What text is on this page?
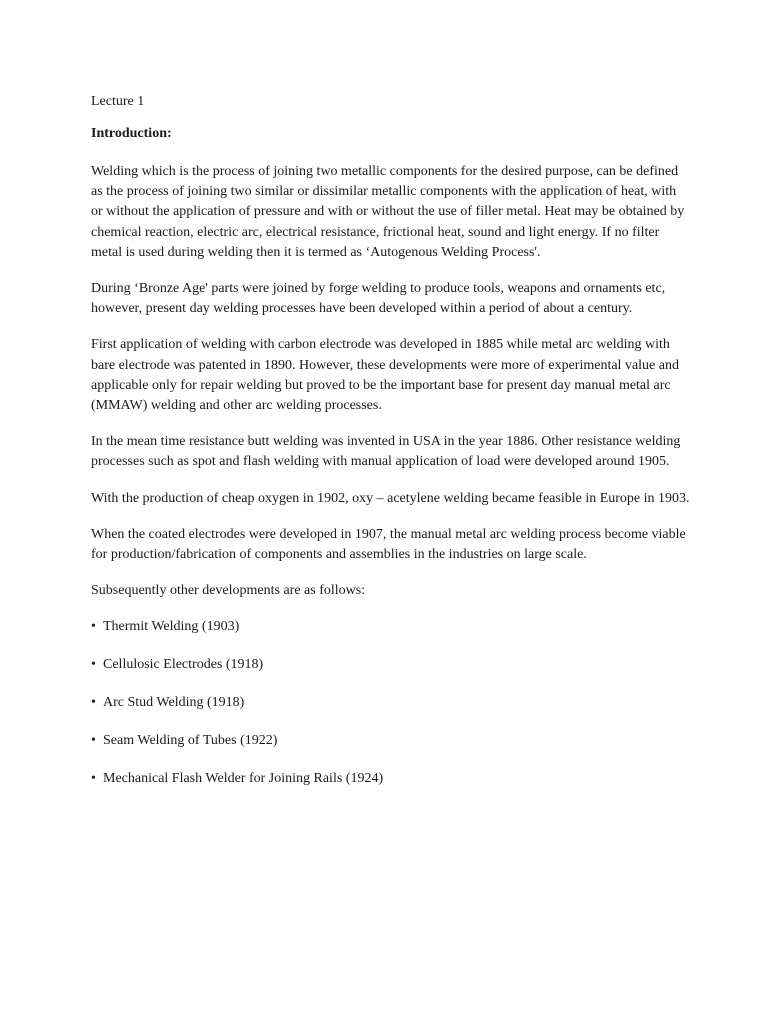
Lecture 1

Introduction:

Welding which is the process of joining two metallic components for the desired purpose, can be defined as the process of joining two similar or dissimilar metallic components with the application of heat, with or without the application of pressure and with or without the use of filler metal. Heat may be obtained by chemical reaction, electric arc, electrical resistance, frictional heat, sound and light energy. If no filter metal is used during welding then it is termed as ‘Autogenous Welding Process'.

During ‘Bronze Age' parts were joined by forge welding to produce tools, weapons and ornaments etc, however, present day welding processes have been developed within a period of about a century.

First application of welding with carbon electrode was developed in 1885 while metal arc welding with bare electrode was patented in 1890. However, these developments were more of experimental value and applicable only for repair welding but proved to be the important base for present day manual metal arc (MMAW) welding and other arc welding processes.

In the mean time resistance butt welding was invented in USA in the year 1886. Other resistance welding processes such as spot and flash welding with manual application of load were developed around 1905.

With the production of cheap oxygen in 1902, oxy – acetylene welding became feasible in Europe in 1903.

When the coated electrodes were developed in 1907, the manual metal arc welding process become viable for production/fabrication of components and assemblies in the industries on large scale.

Subsequently other developments are as follows:

• Thermit Welding (1903)
• Cellulosic Electrodes (1918)
• Arc Stud Welding (1918)
• Seam Welding of Tubes (1922)
• Mechanical Flash Welder for Joining Rails (1924)
